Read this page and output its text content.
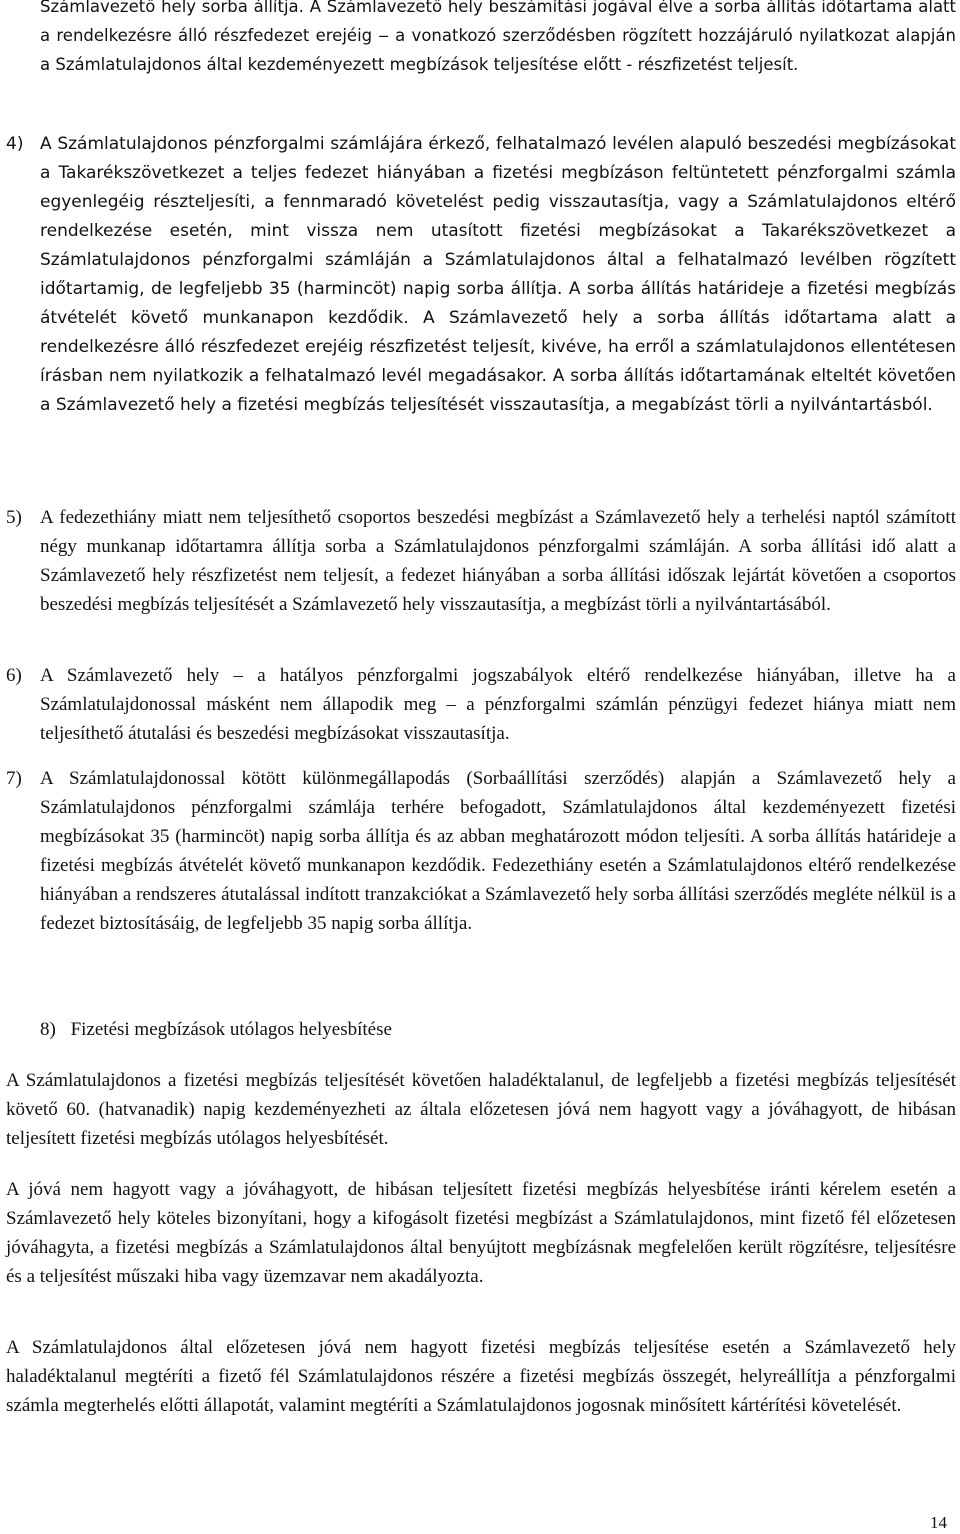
Számlavezető hely sorba állítja. A Számlavezető hely beszámítási jogával élve a sorba állítás időtartama alatt a rendelkezésre álló részfedezet erejéig ‒ a vonatkozó szerződésben rögzített hozzájáruló nyilatkozat alapján a Számlatulajdonos által kezdeményezett megbízások teljesítése előtt - részfizetést teljesít.

4) A Számlatulajdonos pénzforgalmi számlájára érkező, felhatalmazó levélen alapuló beszedési megbízásokat a Takarékszövetkezet a teljes fedezet hiányában a fizetési megbízáson feltüntetett pénzforgalmi számla egyenlegéig részteljesíti, a fennmaradó követelést pedig visszautasítja, vagy a Számlatulajdonos eltérő rendelkezése esetén, mint vissza nem utasított fizetési megbízásokat a Takarékszövetkezet a Számlatulajdonos pénzforgalmi számláján a Számlatulajdonos által a felhatalmazó levélben rögzített időtartamig, de legfeljebb 35 (harmincöt) napig sorba állítja. A sorba állítás határideje a fizetési megbízás átvételét követő munkanapon kezdődik. A Számlavezető hely a sorba állítás időtartama alatt a rendelkezésre álló részfedezet erejéig részfizetést teljesít, kivéve, ha erről a számlatulajdonos ellentétesen írásban nem nyilatkozik a felhatalmazó levél megadásakor. A sorba állítás időtartamának elteltét követően a Számlavezető hely a fizetési megbízás teljesítését visszautasítja, a megabízást törli a nyilvántartásból.
5) A fedezethiány miatt nem teljesíthető csoportos beszedési megbízást a Számlavezető hely a terhelési naptól számított négy munkanap időtartamra állítja sorba a Számlatulajdonos pénzforgalmi számláján. A sorba állítási idő alatt a Számlavezető hely részfizetést nem teljesít, a fedezet hiányában a sorba állítási időszak lejártát követően a csoportos beszedési megbízás teljesítését a Számlavezető hely visszautasítja, a megbízást törli a nyilvántartásából.
6) A Számlavezető hely ‒ a hatályos pénzforgalmi jogszabályok eltérő rendelkezése hiányában, illetve ha a Számlatulajdonossal másként nem állapodik meg ‒ a pénzforgalmi számlán pénzügyi fedezet hiánya miatt nem teljesíthető átutalási és beszedési megbízásokat visszautasítja.
7) A Számlatulajdonossal kötött különmegállapodás (Sorbaállítási szerződés) alapján a Számlavezető hely a Számlatulajdonos pénzforgalmi számlája terhére befogadott, Számlatulajdonos által kezdeményezett fizetési megbízásokat 35 (harmincöt) napig sorba állítja és az abban meghatározott módon teljesíti. A sorba állítás határideje a fizetési megbízás átvételét követő munkanapon kezdődik. Fedezethiány esetén a Számlatulajdonos eltérő rendelkezése hiányában a rendszeres átutalással indított tranzakciókat a Számlavezető hely sorba állítási szerződés megléte nélkül is a fedezet biztosításáig, de legfeljebb 35 napig sorba állítja.
8) Fizetési megbízások utólagos helyesbítése

A Számlatulajdonos a fizetési megbízás teljesítését követően haladéktalanul, de legfeljebb a fizetési megbízás teljesítését követő 60. (hatvanadik) napig kezdeményezheti az általa előzetesen jóvá nem hagyott vagy a jóváhagyott, de hibásan teljesített fizetési megbízás utólagos helyesbítését.

A jóvá nem hagyott vagy a jóváhagyott, de hibásan teljesített fizetési megbízás helyesbítése iránti kérelem esetén a Számlavezető hely köteles bizonyítani, hogy a kifogásolt fizetési megbízást a Számlatulajdonos, mint fizető fél előzetesen jóváhagyta, a fizetési megbízás a Számlatulajdonos által benyújtott megbízásnak megfelelően került rögzítésre, teljesítésre és a teljesítést műszaki hiba vagy üzemzavar nem akadályozta.

A Számlatulajdonos által előzetesen jóvá nem hagyott fizetési megbízás teljesítése esetén a Számlavezető hely haladéktalanul megtéríti a fizető fél Számlatulajdonos részére a fizetési megbízás összegét, helyreállítja a pénzforgalmi számla megterhelés előtti állapotát, valamint megtéríti a Számlatulajdonos jogosnak minősített kártérítési követelését.

14
